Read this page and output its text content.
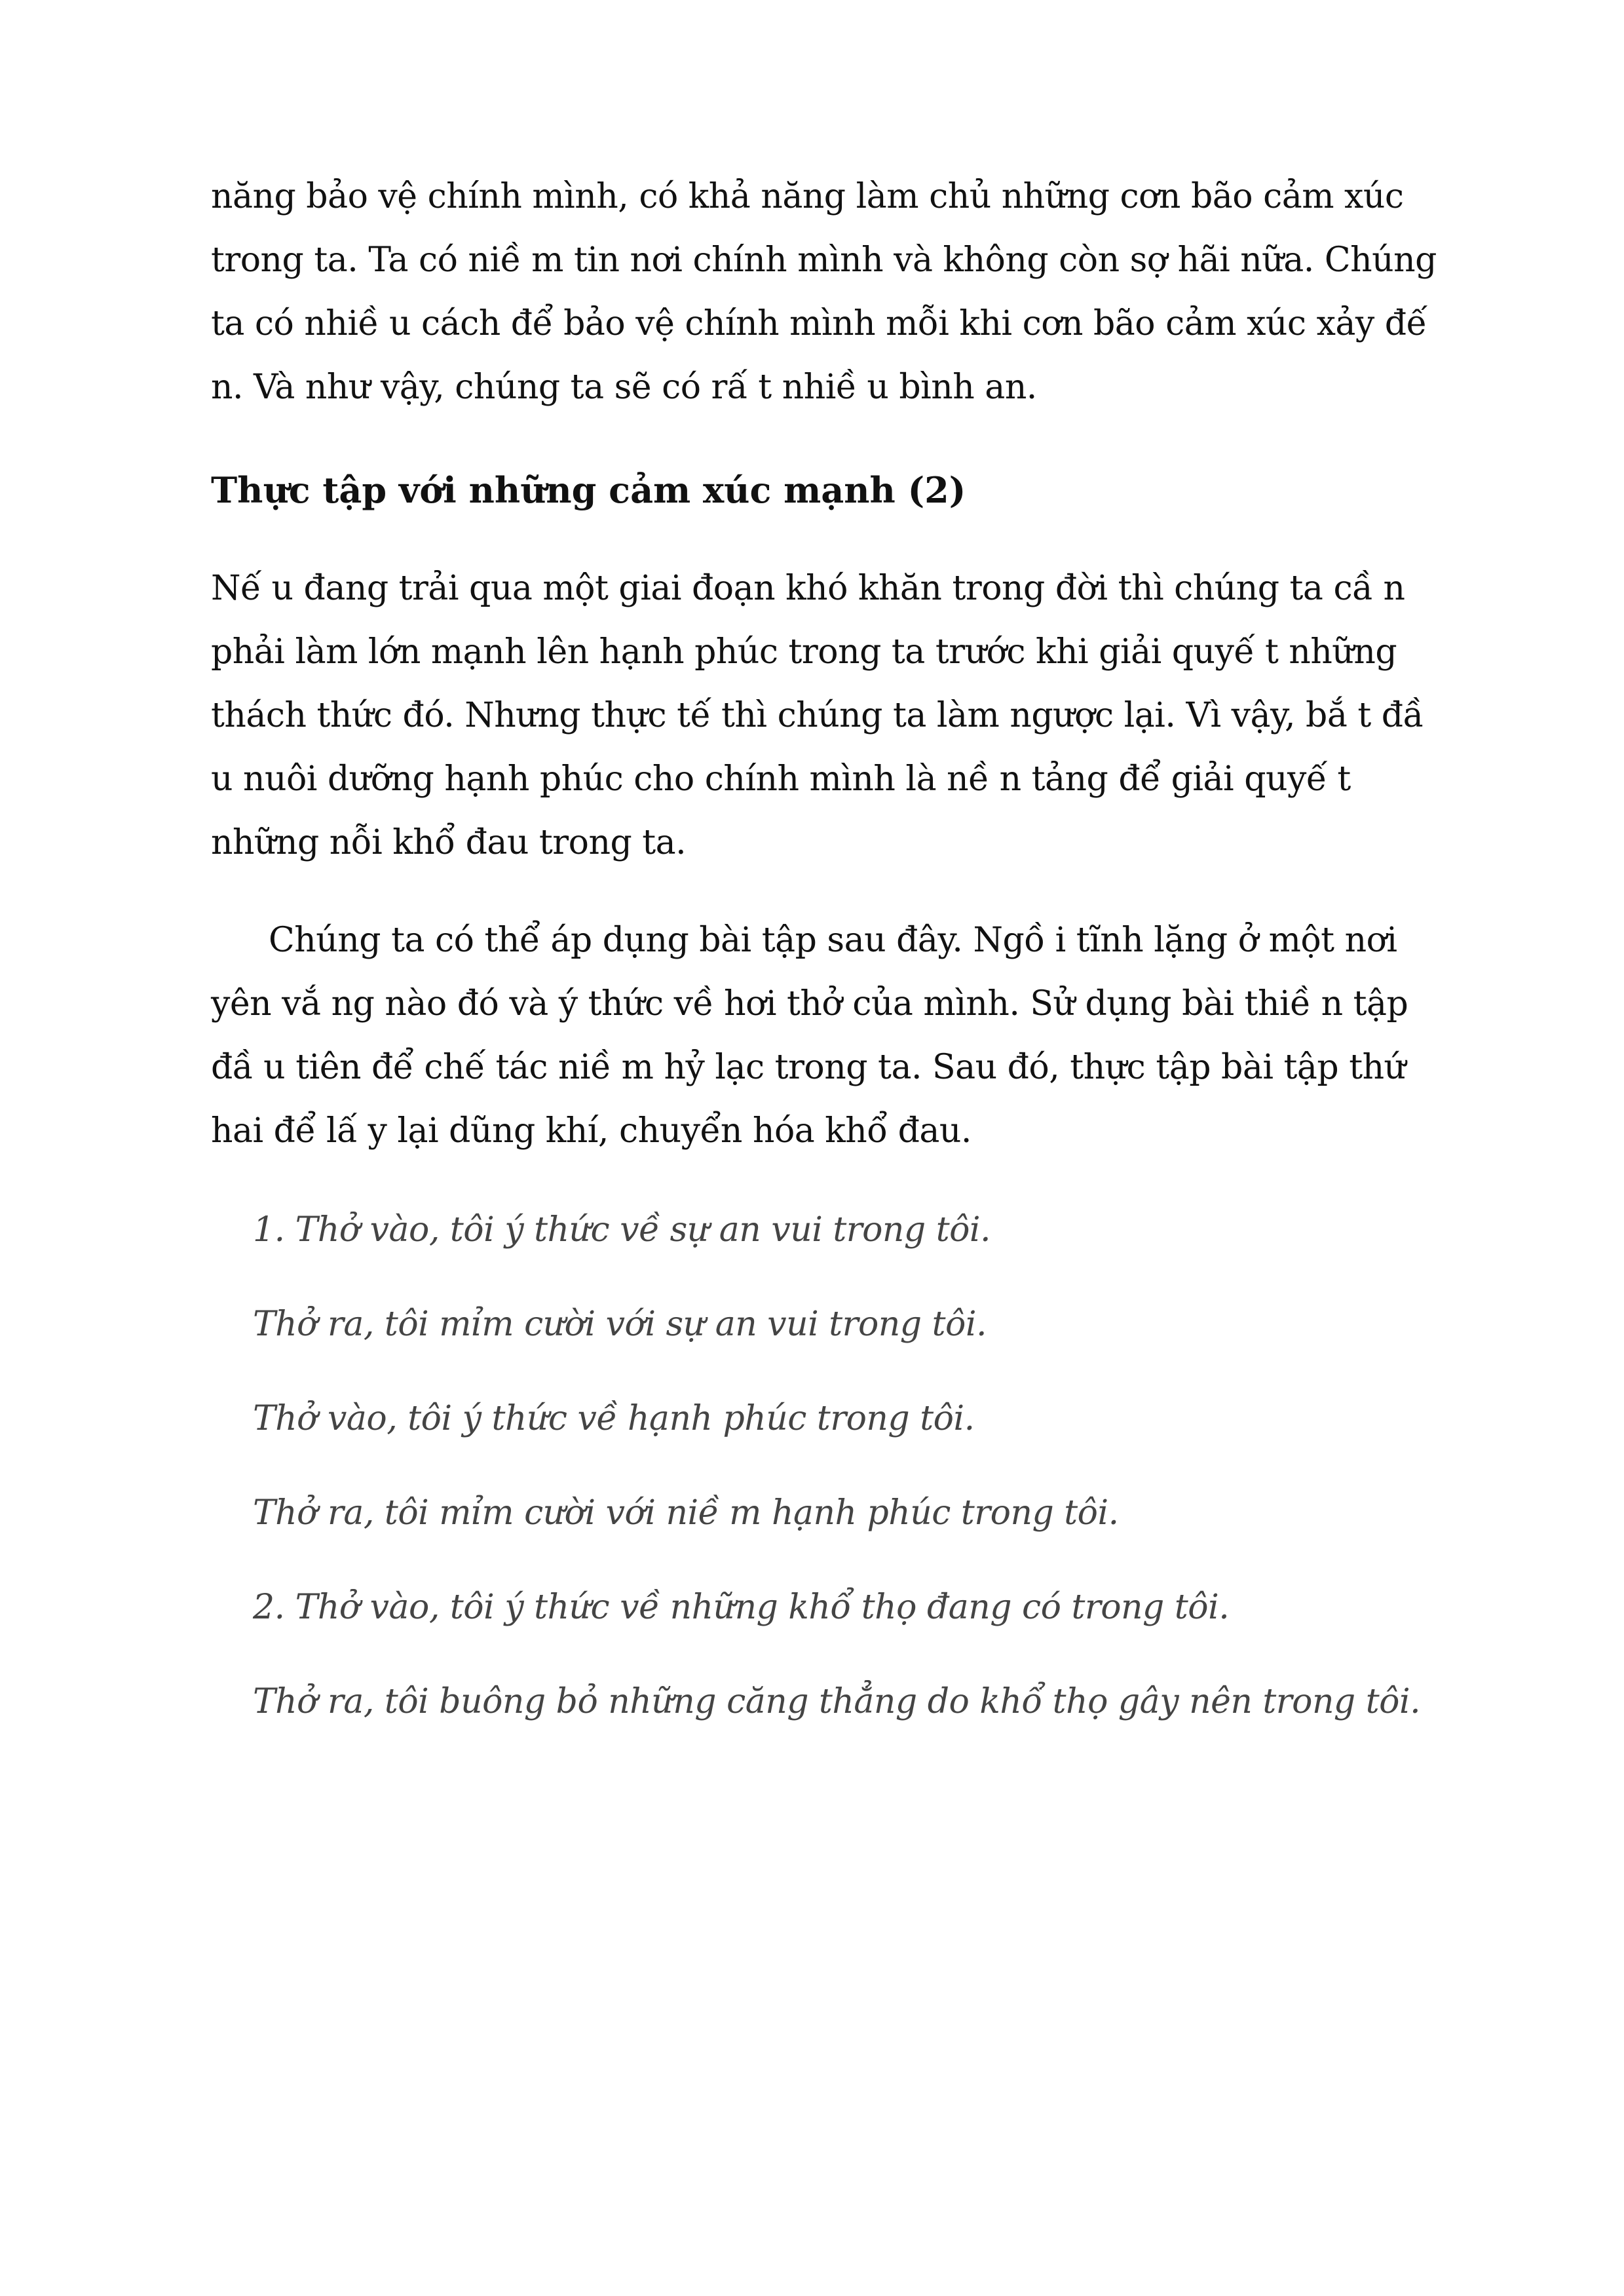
năng bảo vệ chính mình, có khả năng làm chủ những cơn bão cảm xúc trong ta. Ta có niề m tin nơi chính mình và không còn sợ hãi nữa. Chúng ta có nhiề u cách để bảo vệ chính mình mỗi khi cơn bão cảm xúc xảy đế n. Và như vậy, chúng ta sẽ có rấ t nhiề u bình an.

Thực tập với những cảm xúc mạnh (2)

Nế u đang trải qua một giai đoạn khó khăn trong đời thì chúng ta cầ n phải làm lớn mạnh lên hạnh phúc trong ta trước khi giải quyế t những thách thức đó. Nhưng thực tế thì chúng ta làm ngược lại. Vì vậy, bắ t đầ u nuôi dưỡng hạnh phúc cho chính mình là nề n tảng để giải quyế t những nỗi khổ đau trong ta.

Chúng ta có thể áp dụng bài tập sau đây. Ngồ i tĩnh lặng ở một nơi yên vắ ng nào đó và ý thức về hơi thở của mình. Sử dụng bài thiề n tập đầ u tiên để chế tác niề m hỷ lạc trong ta. Sau đó, thực tập bài tập thứ hai để lấ y lại dũng khí, chuyển hóa khổ đau.

1. Thở vào, tôi ý thức về sự an vui trong tôi.

Thở ra, tôi mỉm cười với sự an vui trong tôi.

Thở vào, tôi ý thức về hạnh phúc trong tôi.

Thở ra, tôi mỉm cười với niề m hạnh phúc trong tôi.

2. Thở vào, tôi ý thức về những khổ thọ đang có trong tôi.

Thở ra, tôi buông bỏ những căng thẳng do khổ thọ gây nên trong tôi.
